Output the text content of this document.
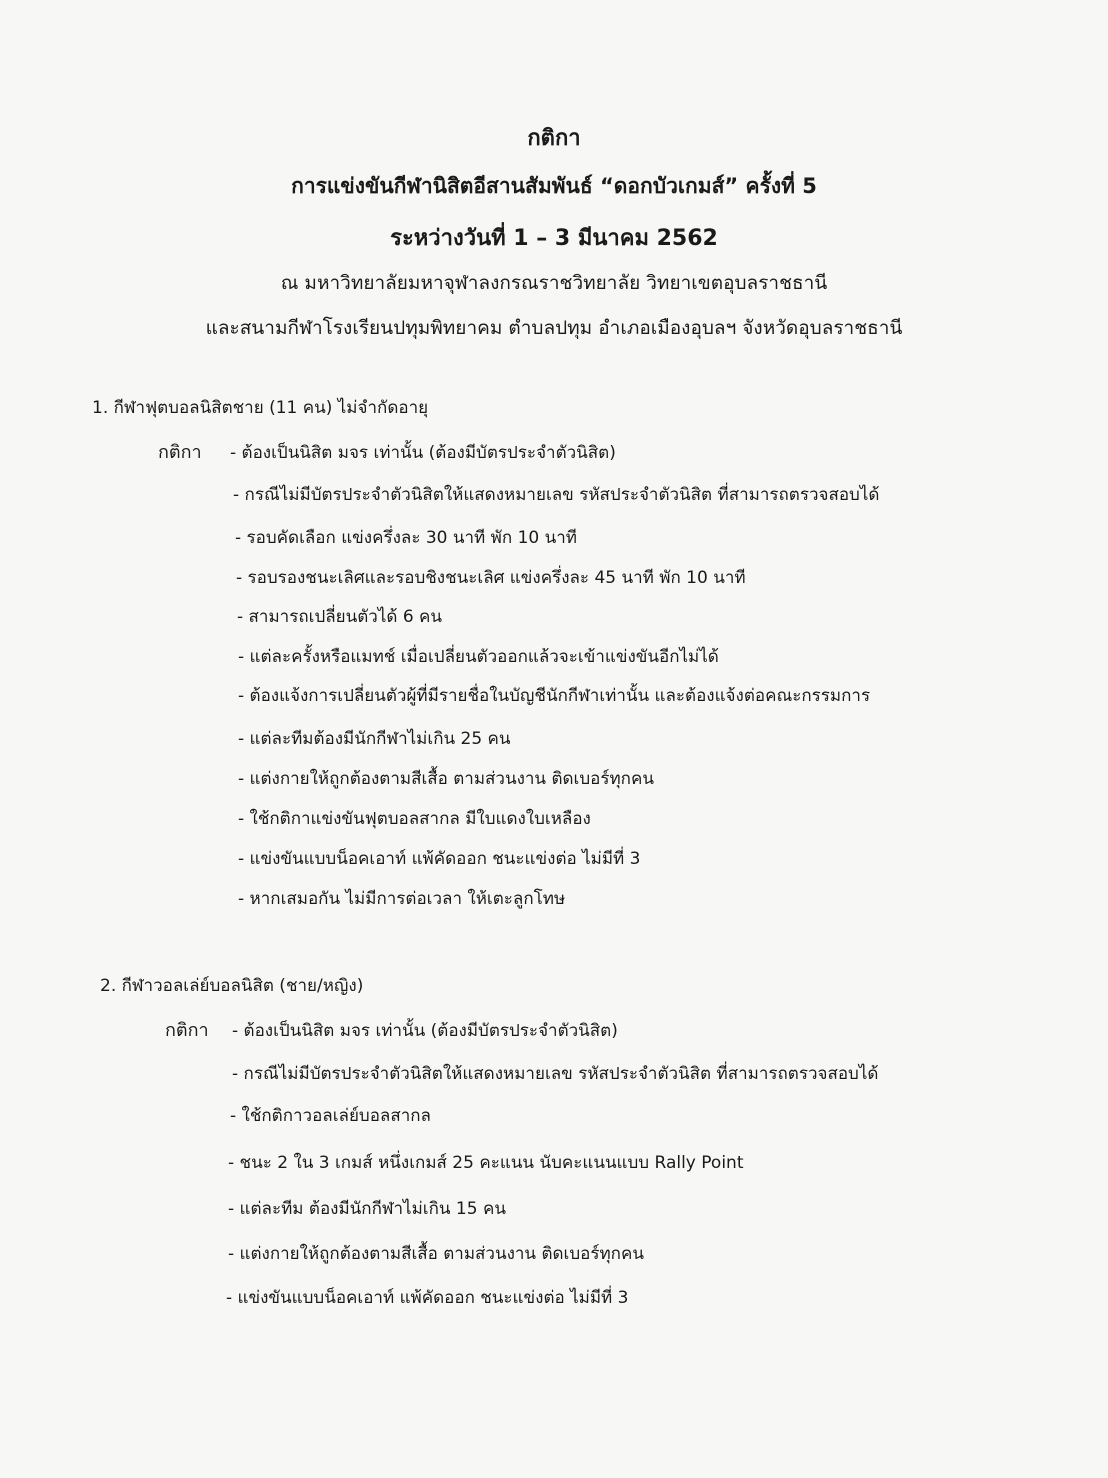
กติกา
การแข่งขันกีฬานิสิตอีสานสัมพันธ์ “ดอกบัวเกมส์” ครั้งที่ 5
ระหว่างวันที่ 1 – 3 มีนาคม 2562
ณ มหาวิทยาลัยมหาจุฬาลงกรณราชวิทยาลัย วิทยาเขตอุบลราชธานี
และสนามกีฬาโรงเรียนปทุมพิทยาคม ตำบลปทุม อำเภอเมืองอุบลฯ จังหวัดอุบลราชธานี
1. กีฬาฟุตบอลนิสิตชาย (11 คน) ไม่จำกัดอายุ
กติกา - ต้องเป็นนิสิต มจร เท่านั้น (ต้องมีบัตรประจำตัวนิสิต)
- กรณีไม่มีบัตรประจำตัวนิสิตให้แสดงหมายเลข รหัสประจำตัวนิสิต ที่สามารถตรวจสอบได้
- รอบคัดเลือก แข่งครึ่งละ 30 นาที พัก 10 นาที
- รอบรองชนะเลิศและรอบชิงชนะเลิศ แข่งครึ่งละ 45 นาที พัก 10 นาที
- สามารถเปลี่ยนตัวได้ 6 คน
- แต่ละครั้งหรือแมทช์ เมื่อเปลี่ยนตัวออกแล้วจะเข้าแข่งขันอีกไม่ได้
- ต้องแจ้งการเปลี่ยนตัวผู้ที่มีรายชื่อในบัญชีนักกีฬาเท่านั้น และต้องแจ้งต่อคณะกรรมการ
- แต่ละทีมต้องมีนักกีฬาไม่เกิน 25 คน
- แต่งกายให้ถูกต้องตามสีเสื้อ ตามส่วนงาน ติดเบอร์ทุกคน
- ใช้กติกาแข่งขันฟุตบอลสากล มีใบแดงใบเหลือง
- แข่งขันแบบน็อคเอาท์ แพ้คัดออก ชนะแข่งต่อ ไม่มีที่ 3
- หากเสมอกัน ไม่มีการต่อเวลา ให้เตะลูกโทษ
2. กีฬาวอลเล่ย์บอลนิสิต (ชาย/หญิง)
กติกา - ต้องเป็นนิสิต มจร เท่านั้น (ต้องมีบัตรประจำตัวนิสิต)
- กรณีไม่มีบัตรประจำตัวนิสิตให้แสดงหมายเลข รหัสประจำตัวนิสิต ที่สามารถตรวจสอบได้
- ใช้กติกาวอลเล่ย์บอลสากล
- ชนะ 2 ใน 3 เกมส์ หนึ่งเกมส์ 25 คะแนน นับคะแนนแบบ Rally Point
- แต่ละทีม ต้องมีนักกีฬาไม่เกิน 15 คน
- แต่งกายให้ถูกต้องตามสีเสื้อ ตามส่วนงาน ติดเบอร์ทุกคน
- แข่งขันแบบน็อคเอาท์ แพ้คัดออก ชนะแข่งต่อ ไม่มีที่ 3
